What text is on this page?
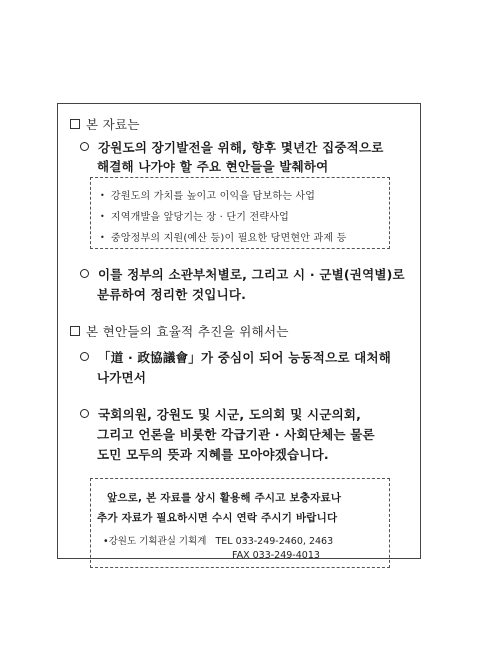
본 자료는
강원도의 장기발전을 위해, 향후 몇년간 집중적으로
해결해 나가야 할 주요 현안들을 발췌하여
• 강원도의 가치를 높이고 이익을 담보하는 사업
• 지역개발을 앞당기는 장 · 단기 전략사업
• 중앙정부의 지원(예산 등)이 필요한 당면현안 과제 등
이를 정부의 소관부처별로, 그리고 시 · 군별(권역별)로
분류하여 정리한 것입니다.
본 현안들의 효율적 추진을 위해서는
「道 · 政協議會」가 중심이 되어 능동적으로 대처해
나가면서
국회의원, 강원도 및 시군, 도의회 및 시군의회,
그리고 언론을 비롯한 각급기관 · 사회단체는 물론
도민 모두의 뜻과 지혜를 모아야겠습니다.
앞으로, 본 자료를 상시 활용해 주시고 보충자료나
추가 자료가 필요하시면 수시 연락 주시기 바랍니다
•강원도 기획관실 기획계 TEL 033-249-2460, 2463
FAX 033-249-4013
